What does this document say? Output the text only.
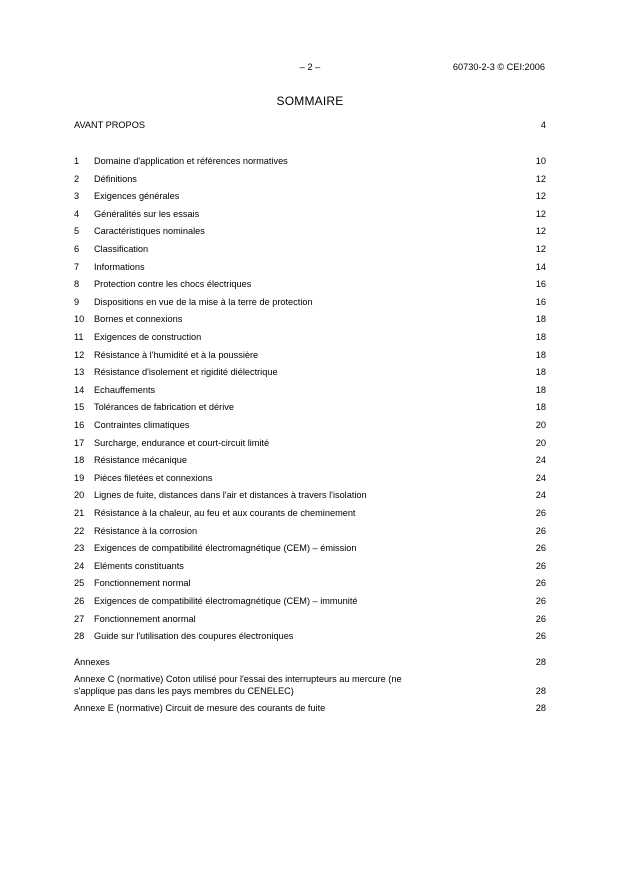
– 2 –	60730-2-3 © CEI:2006
SOMMAIRE
AVANT PROPOS	4
1	Domaine d'application et références normatives	10
2	Définitions	12
3	Exigences générales	12
4	Généralités sur les essais	12
5	Caractéristiques nominales	12
6	Classification	12
7	Informations	14
8	Protection contre les chocs électriques	16
9	Dispositions en vue de la mise à la terre de protection	16
10	Bornes et connexions	18
11	Exigences de construction	18
12	Résistance à l'humidité et à la poussière	18
13	Résistance d'isolement et rigidité diélectrique	18
14	Echauffements	18
15	Tolérances de fabrication et dérive	18
16	Contraintes climatiques	20
17	Surcharge, endurance et court-circuit limité	20
18	Résistance mécanique	24
19	Pièces filetées et connexions	24
20	Lignes de fuite, distances dans l'air et distances à travers l'isolation	24
21	Résistance à la chaleur, au feu et aux courants de cheminement	26
22	Résistance à la corrosion	26
23	Exigences de compatibilité électromagnétique (CEM) – émission	26
24	Eléments constituants	26
25	Fonctionnement normal	26
26	Exigences de compatibilité électromagnétique (CEM) – immunité	26
27	Fonctionnement anormal	26
28	Guide sur l'utilisation des coupures électroniques	26
Annexes	28
Annexe C (normative) Coton utilisé pour l'essai des interrupteurs au mercure (ne
s'applique pas dans les pays membres du CENELEC)	28
Annexe E (normative) Circuit de mesure des courants de fuite	28
